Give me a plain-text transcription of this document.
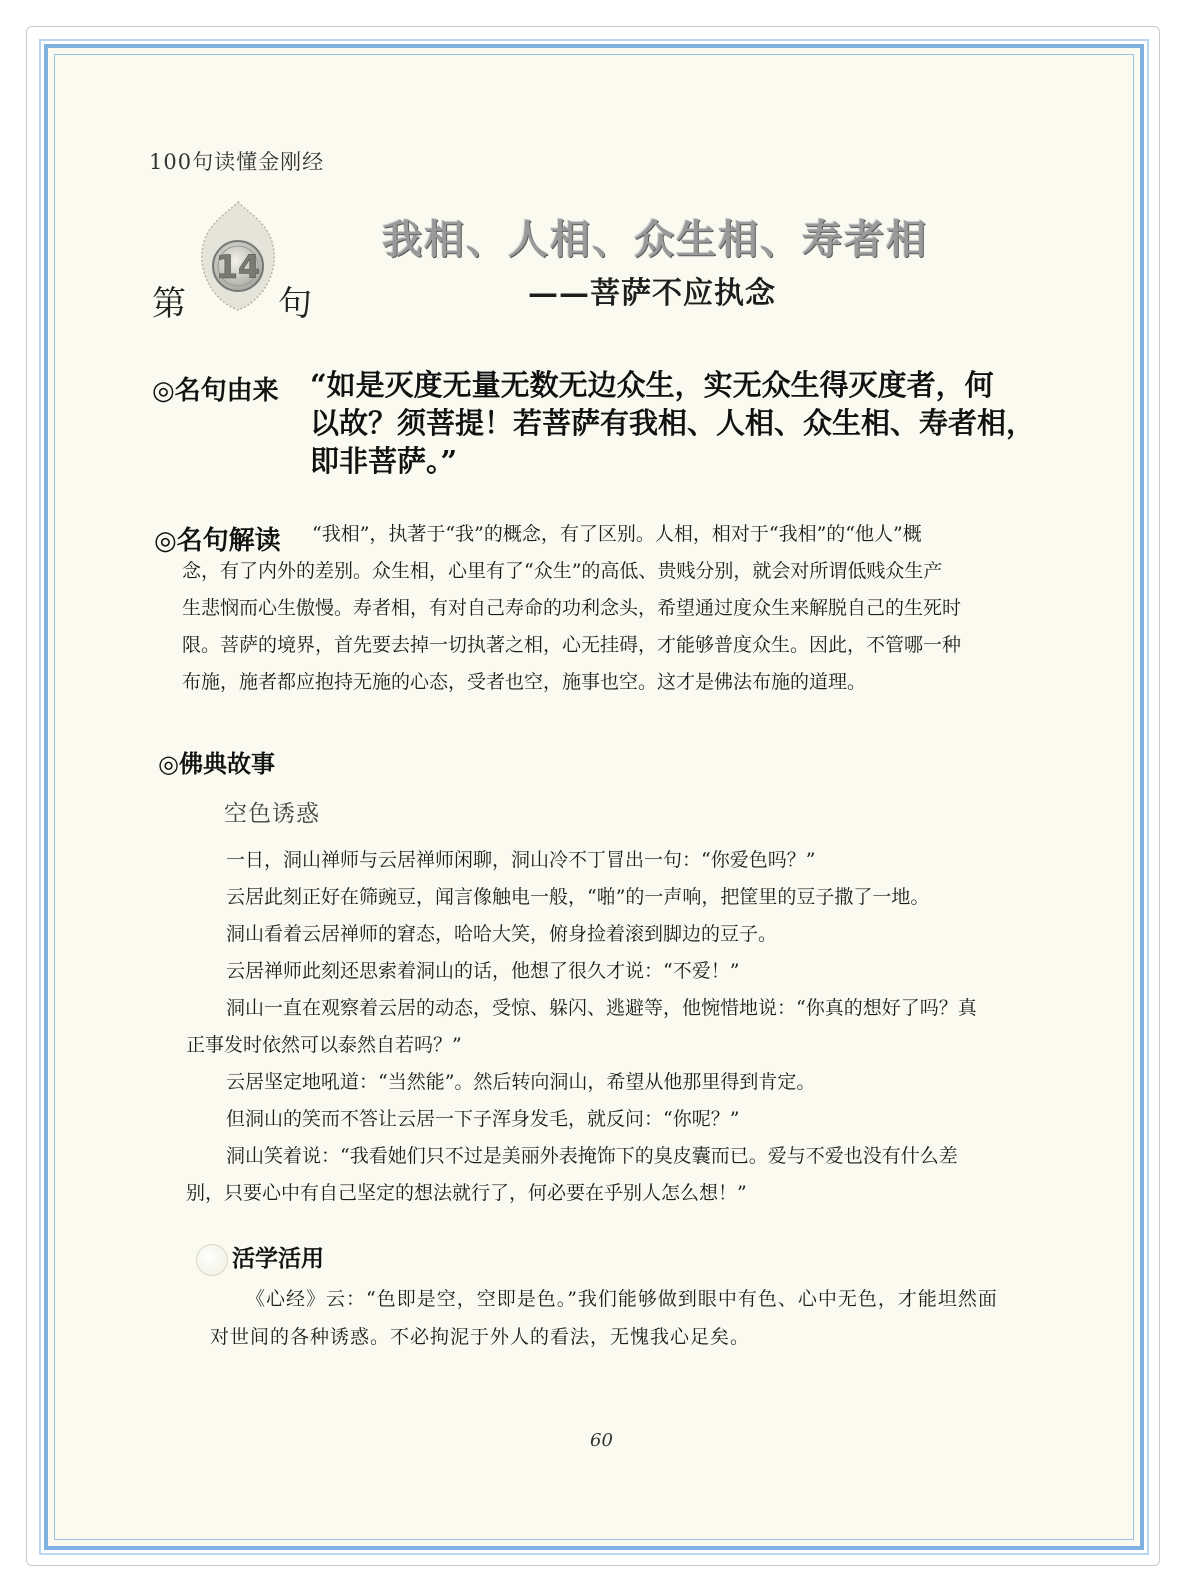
100句读懂金刚经
14
第	句
我相、人相、众生相、寿者相
——菩萨不应执念
◎名句由来 “如是灭度无量无数无边众生，实无众生得灭度者，何
以故？须菩提！若菩萨有我相、人相、众生相、寿者相，
即非菩萨。”
◎名句解读	“我相”，执著于“我”的概念，有了区别。人相，相对于“我相”的“他人”概
念，有了内外的差别。众生相，心里有了“众生”的高低、贵贱分别，就会对所谓低贱众生产
生悲悯而心生傲慢。寿者相，有对自己寿命的功利念头，希望通过度众生来解脱自己的生死时
限。菩萨的境界，首先要去掉一切执著之相，心无挂碍，才能够普度众生。因此，不管哪一种
布施，施者都应抱持无施的心态，受者也空，施事也空。这才是佛法布施的道理。
◎佛典故事
空色诱惑
一日，洞山禅师与云居禅师闲聊，洞山冷不丁冒出一句：“你爱色吗？”
云居此刻正好在筛豌豆，闻言像触电一般，“啪”的一声响，把筐里的豆子撒了一地。
洞山看着云居禅师的窘态，哈哈大笑，俯身捡着滚到脚边的豆子。
云居禅师此刻还思索着洞山的话，他想了很久才说：“不爱！”
洞山一直在观察着云居的动态，受惊、躲闪、逃避等，他惋惜地说：“你真的想好了吗？真
正事发时依然可以泰然自若吗？”
云居坚定地吼道：“当然能”。然后转向洞山，希望从他那里得到肯定。
但洞山的笑而不答让云居一下子浑身发毛，就反问：“你呢？”
洞山笑着说：“我看她们只不过是美丽外表掩饰下的臭皮囊而已。爱与不爱也没有什么差
别，只要心中有自己坚定的想法就行了，何必要在乎别人怎么想！”
活学活用
《心经》云：“色即是空，空即是色。”我们能够做到眼中有色、心中无色，才能坦然面
对世间的各种诱惑。不必拘泥于外人的看法，无愧我心足矣。
60
